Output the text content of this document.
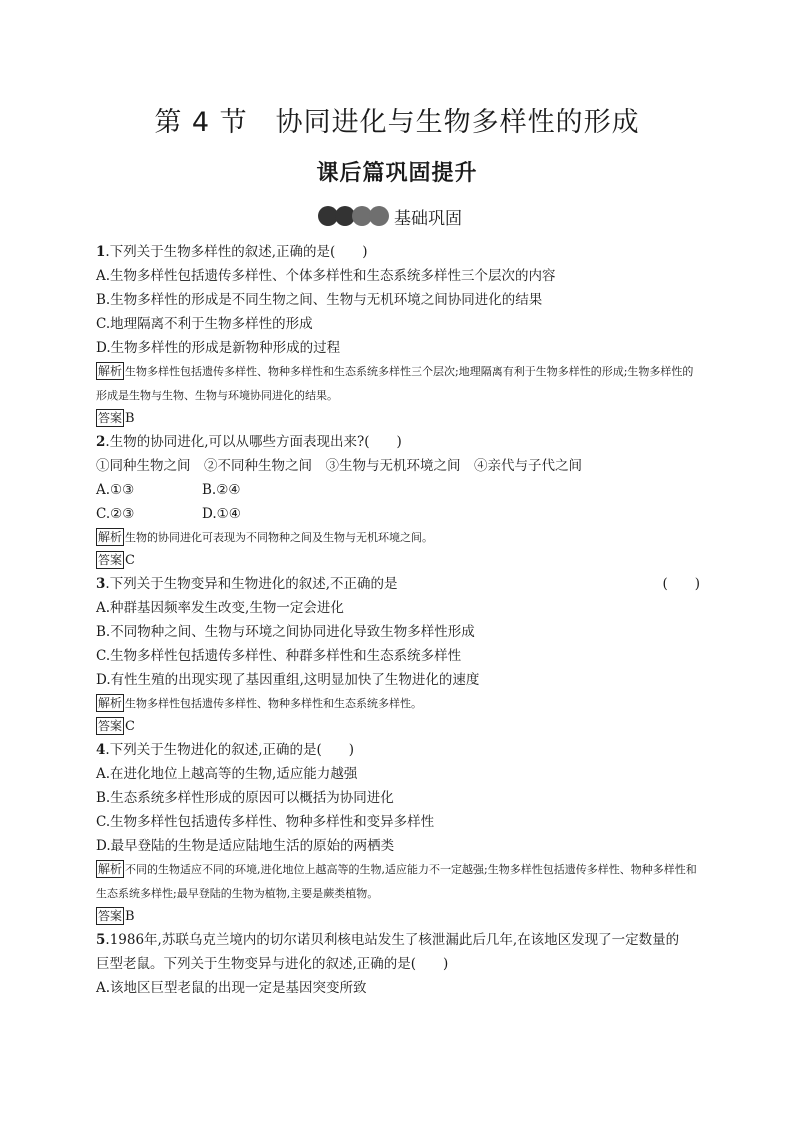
第 4 节　协同进化与生物多样性的形成
课后篇巩固提升
基础巩固
1.下列关于生物多样性的叙述,正确的是(　　)
A.生物多样性包括遗传多样性、个体多样性和生态系统多样性三个层次的内容
B.生物多样性的形成是不同生物之间、生物与无机环境之间协同进化的结果
C.地理隔离不利于生物多样性的形成
D.生物多样性的形成是新物种形成的过程
解析 生物多样性包括遗传多样性、物种多样性和生态系统多样性三个层次;地理隔离有利于生物多样性的形成;生物多样性的形成是生物与生物、生物与环境协同进化的结果。
答案 B
2.生物的协同进化,可以从哪些方面表现出来?(　　)
①同种生物之间　②不同种生物之间　③生物与无机环境之间　④亲代与子代之间
A.①③	B.②④
C.②③	D.①④
解析 生物的协同进化可表现为不同物种之间及生物与无机环境之间。
答案 C
3.下列关于生物变异和生物进化的叙述,不正确的是	(　　)
A.种群基因频率发生改变,生物一定会进化
B.不同物种之间、生物与环境之间协同进化导致生物多样性形成
C.生物多样性包括遗传多样性、种群多样性和生态系统多样性
D.有性生殖的出现实现了基因重组,这明显加快了生物进化的速度
解析 生物多样性包括遗传多样性、物种多样性和生态系统多样性。
答案 C
4.下列关于生物进化的叙述,正确的是(　　)
A.在进化地位上越高等的生物,适应能力越强
B.生态系统多样性形成的原因可以概括为协同进化
C.生物多样性包括遗传多样性、物种多样性和变异多样性
D.最早登陆的生物是适应陆地生活的原始的两栖类
解析 不同的生物适应不同的环境,进化地位上越高等的生物,适应能力不一定越强;生物多样性包括遗传多样性、物种多样性和生态系统多样性;最早登陆的生物为植物,主要是蕨类植物。
答案 B
5.1986年,苏联乌克兰境内的切尔诺贝利核电站发生了核泄漏此后几年,在该地区发现了一定数量的
巨型老鼠。下列关于生物变异与进化的叙述,正确的是(　　)
A.该地区巨型老鼠的出现一定是基因突变所致
